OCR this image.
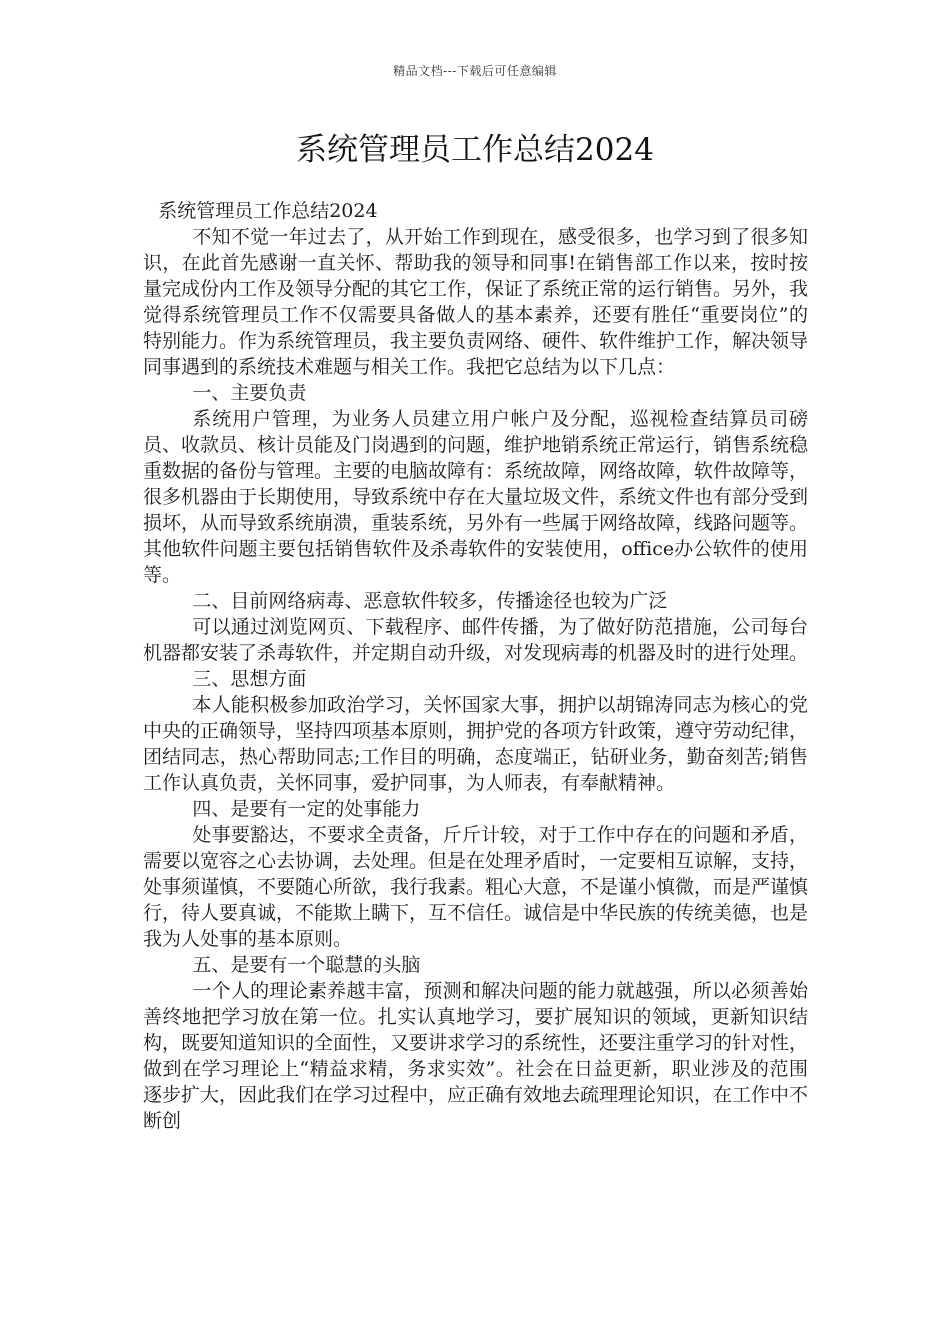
精品文档---下载后可任意编辑
系统管理员工作总结2024

系统管理员工作总结2024

不知不觉一年过去了，从开始工作到现在，感受很多，也学习到了很多知识，在此首先感谢一直关怀、帮助我的领导和同事!在销售部工作以来，按时按量完成份内工作及领导分配的其它工作，保证了系统正常的运行销售。另外，我觉得系统管理员工作不仅需要具备做人的基本素养，还要有胜任“重要岗位”的特别能力。作为系统管理员，我主要负责网络、硬件、软件维护工作，解决领导同事遇到的系统技术难题与相关工作。我把它总结为以下几点：

一、主要负责

系统用户管理，为业务人员建立用户帐户及分配，巡视检查结算员司磅员、收款员、核计员能及门岗遇到的问题，维护地销系统正常运行，销售系统稳重数据的备份与管理。主要的电脑故障有：系统故障，网络故障，软件故障等，很多机器由于长期使用，导致系统中存在大量垃圾文件，系统文件也有部分受到损坏，从而导致系统崩溃，重装系统，另外有一些属于网络故障，线路问题等。其他软件问题主要包括销售软件及杀毒软件的安装使用，office办公软件的使用等。

二、目前网络病毒、恶意软件较多，传播途径也较为广泛

可以通过浏览网页、下载程序、邮件传播，为了做好防范措施，公司每台机器都安装了杀毒软件，并定期自动升级，对发现病毒的机器及时的进行处理。

三、思想方面

本人能积极参加政治学习，关怀国家大事，拥护以胡锦涛同志为核心的党中央的正确领导，坚持四项基本原则，拥护党的各项方针政策，遵守劳动纪律，团结同志，热心帮助同志;工作目的明确，态度端正，钻研业务，勤奋刻苦;销售工作认真负责，关怀同事，爱护同事，为人师表，有奉献精神。

四、是要有一定的处事能力

处事要豁达，不要求全责备，斤斤计较，对于工作中存在的问题和矛盾，需要以宽容之心去协调，去处理。但是在处理矛盾时，一定要相互谅解，支持，处事须谨慎，不要随心所欲，我行我素。粗心大意，不是谨小慎微，而是严谨慎行，待人要真诚，不能欺上瞒下，互不信任。诚信是中华民族的传统美德，也是我为人处事的基本原则。

五、是要有一个聪慧的头脑

一个人的理论素养越丰富，预测和解决问题的能力就越强，所以必须善始善终地把学习放在第一位。扎实认真地学习，要扩展知识的领域，更新知识结构，既要知道知识的全面性，又要讲求学习的系统性，还要注重学习的针对性，做到在学习理论上“精益求精，务求实效”。社会在日益更新，职业涉及的范围逐步扩大，因此我们在学习过程中，应正确有效地去疏理理论知识，在工作中不断创
